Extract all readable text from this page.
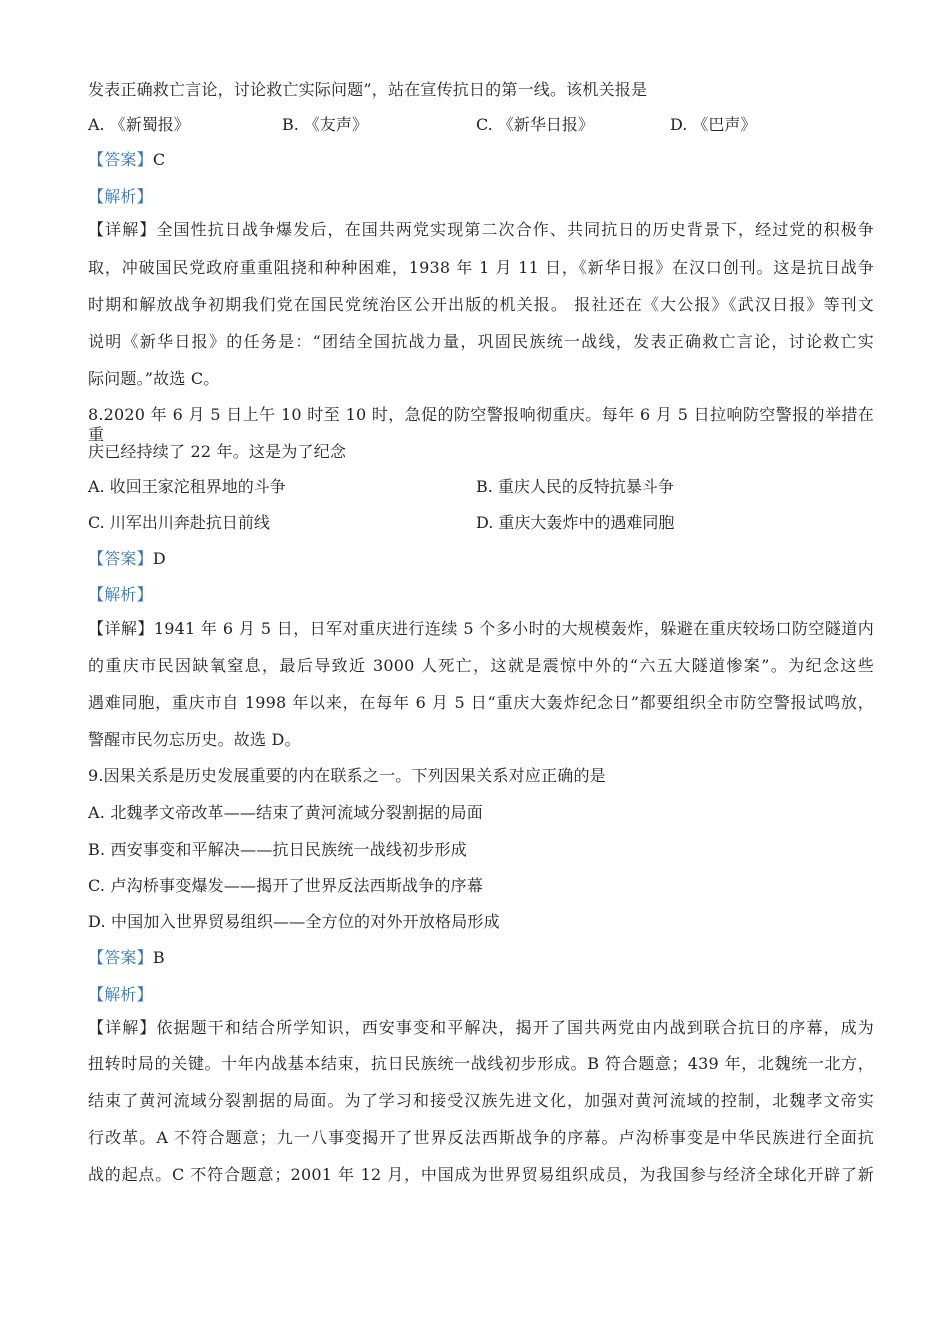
发表正确救亡言论，讨论救亡实际问题”，站在宣传抗日的第一线。该机关报是
A. 《新蜀报》	B. 《友声》	C. 《新华日报》	D. 《巴声》
【答案】C
【解析】
【详解】全国性抗日战争爆发后，在国共两党实现第二次合作、共同抗日的历史背景下，经过党的积极争
取，冲破国民党政府重重阻挠和种种困难，1938 年 1 月 11 日，《新华日报》在汉口创刊。这是抗日战争
时期和解放战争初期我们党在国民党统治区公开出版的机关报。 报社还在《大公报》《武汉日报》等刊文
说明《新华日报》的任务是：“团结全国抗战力量，巩固民族统一战线，发表正确救亡言论，讨论救亡实
际问题。”故选 C。
8.2020 年 6 月 5 日上午 10 时至 10 时，急促的防空警报响彻重庆。每年 6 月 5 日拉响防空警报的举措在重
庆已经持续了 22 年。这是为了纪念
A. 收回王家沱租界地的斗争	B. 重庆人民的反特抗暴斗争
C. 川军出川奔赴抗日前线	D. 重庆大轰炸中的遇难同胞
【答案】D
【解析】
【详解】1941 年 6 月 5 日，日军对重庆进行连续 5 个多小时的大规模轰炸，躲避在重庆较场口防空隧道内
的重庆市民因缺氧窒息，最后导致近 3000 人死亡，这就是震惊中外的“六五大隧道惨案”。为纪念这些
遇难同胞，重庆市自 1998 年以来，在每年 6 月 5 日“重庆大轰炸纪念日”都要组织全市防空警报试鸣放，
警醒市民勿忘历史。故选 D。
9.因果关系是历史发展重要的内在联系之一。下列因果关系对应正确的是
A. 北魏孝文帝改革——结束了黄河流域分裂割据的局面
B. 西安事变和平解决——抗日民族统一战线初步形成
C. 卢沟桥事变爆发——揭开了世界反法西斯战争的序幕
D. 中国加入世界贸易组织——全方位的对外开放格局形成
【答案】B
【解析】
【详解】依据题干和结合所学知识，西安事变和平解决，揭开了国共两党由内战到联合抗日的序幕，成为
扭转时局的关键。十年内战基本结束，抗日民族统一战线初步形成。B 符合题意；439 年，北魏统一北方，
结束了黄河流域分裂割据的局面。为了学习和接受汉族先进文化，加强对黄河流域的控制，北魏孝文帝实
行改革。A 不符合题意；九一八事变揭开了世界反法西斯战争的序幕。卢沟桥事变是中华民族进行全面抗
战的起点。C 不符合题意；2001 年 12 月，中国成为世界贸易组织成员，为我国参与经济全球化开辟了新
